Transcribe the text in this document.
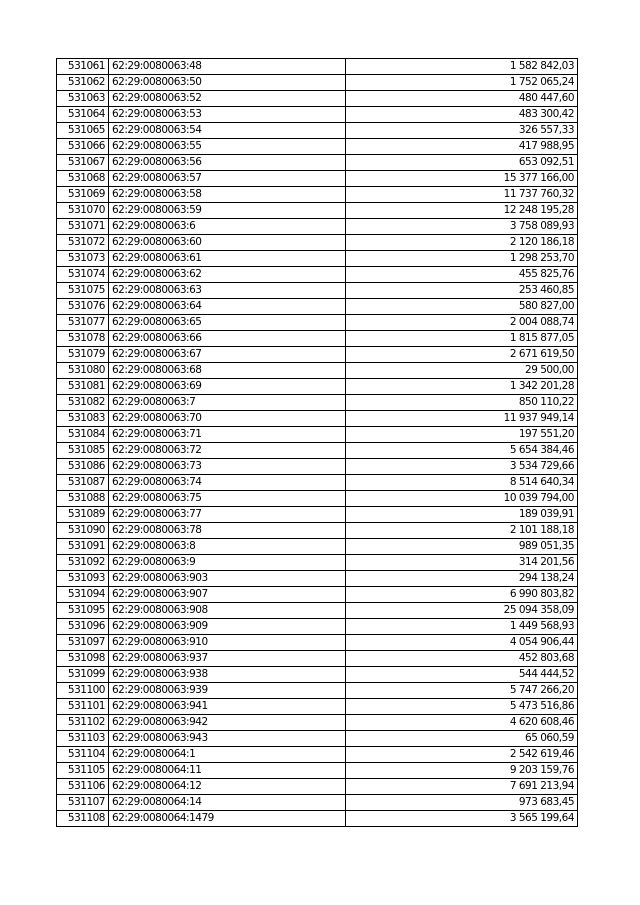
531061	62:29:0080063:48	1 582 842,03
531062	62:29:0080063:50	1 752 065,24
531063	62:29:0080063:52	480 447,60
531064	62:29:0080063:53	483 300,42
531065	62:29:0080063:54	326 557,33
531066	62:29:0080063:55	417 988,95
531067	62:29:0080063:56	653 092,51
531068	62:29:0080063:57	15 377 166,00
531069	62:29:0080063:58	11 737 760,32
531070	62:29:0080063:59	12 248 195,28
531071	62:29:0080063:6	3 758 089,93
531072	62:29:0080063:60	2 120 186,18
531073	62:29:0080063:61	1 298 253,70
531074	62:29:0080063:62	455 825,76
531075	62:29:0080063:63	253 460,85
531076	62:29:0080063:64	580 827,00
531077	62:29:0080063:65	2 004 088,74
531078	62:29:0080063:66	1 815 877,05
531079	62:29:0080063:67	2 671 619,50
531080	62:29:0080063:68	29 500,00
531081	62:29:0080063:69	1 342 201,28
531082	62:29:0080063:7	850 110,22
531083	62:29:0080063:70	11 937 949,14
531084	62:29:0080063:71	197 551,20
531085	62:29:0080063:72	5 654 384,46
531086	62:29:0080063:73	3 534 729,66
531087	62:29:0080063:74	8 514 640,34
531088	62:29:0080063:75	10 039 794,00
531089	62:29:0080063:77	189 039,91
531090	62:29:0080063:78	2 101 188,18
531091	62:29:0080063:8	989 051,35
531092	62:29:0080063:9	314 201,56
531093	62:29:0080063:903	294 138,24
531094	62:29:0080063:907	6 990 803,82
531095	62:29:0080063:908	25 094 358,09
531096	62:29:0080063:909	1 449 568,93
531097	62:29:0080063:910	4 054 906,44
531098	62:29:0080063:937	452 803,68
531099	62:29:0080063:938	544 444,52
531100	62:29:0080063:939	5 747 266,20
531101	62:29:0080063:941	5 473 516,86
531102	62:29:0080063:942	4 620 608,46
531103	62:29:0080063:943	65 060,59
531104	62:29:0080064:1	2 542 619,46
531105	62:29:0080064:11	9 203 159,76
531106	62:29:0080064:12	7 691 213,94
531107	62:29:0080064:14	973 683,45
531108	62:29:0080064:1479	3 565 199,64
